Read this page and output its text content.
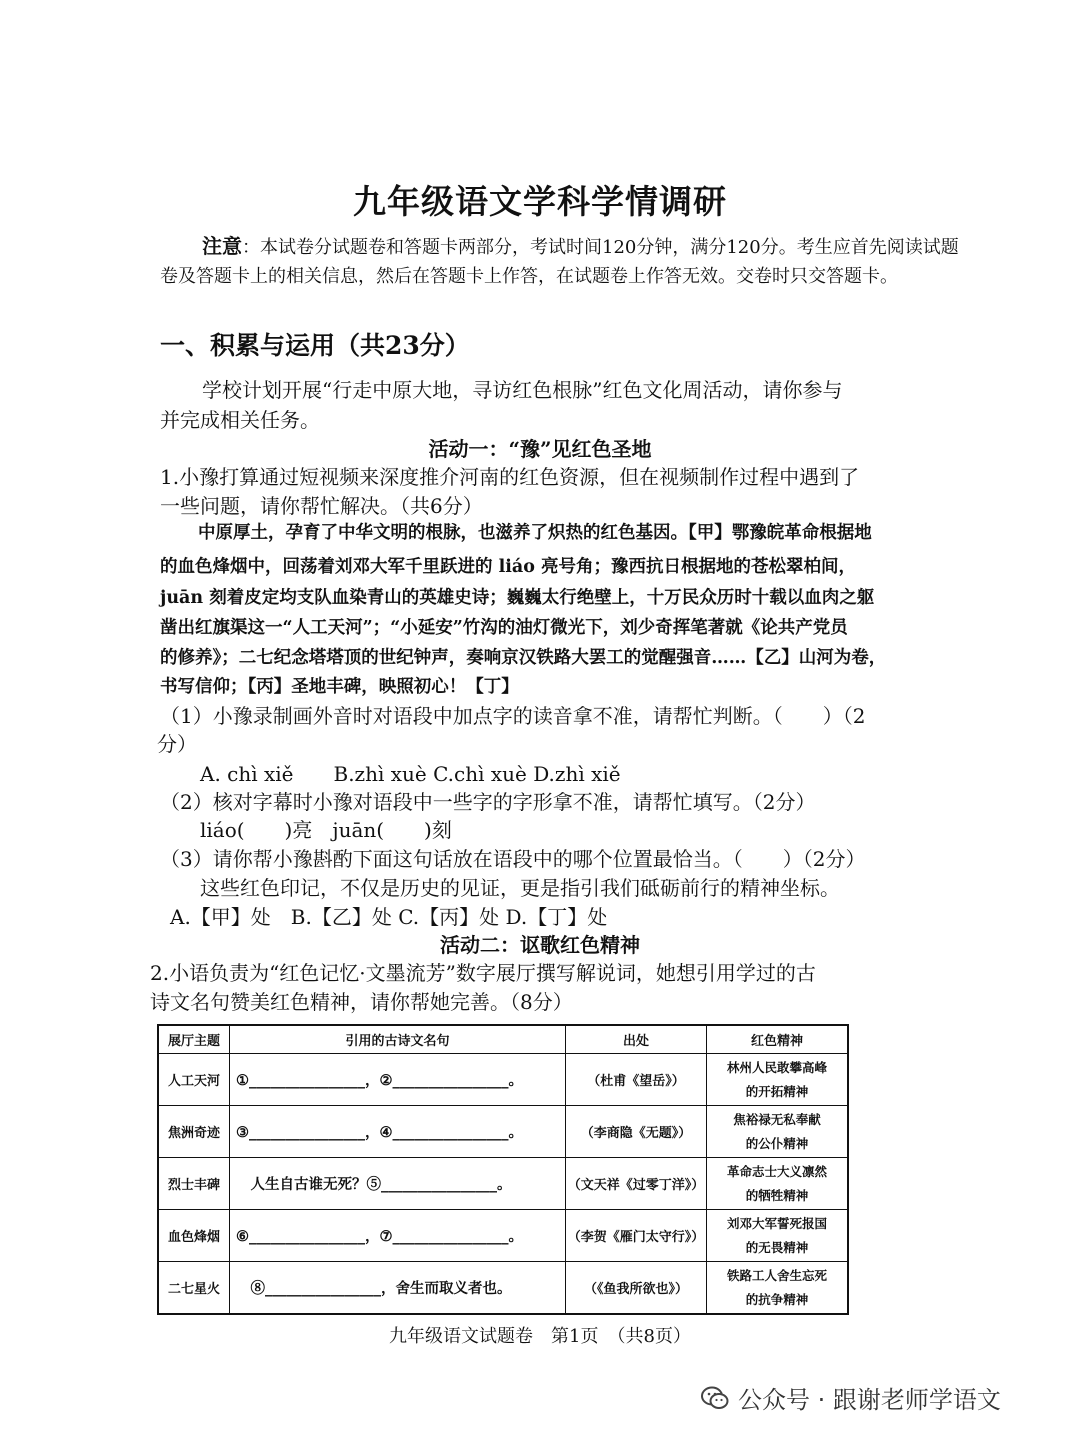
九年级语文学科学情调研
注意：本试卷分试题卷和答题卡两部分，考试时间120分钟，满分120分。考生应首先阅读试题卷及答题卡上的相关信息，然后在答题卡上作答，在试题卷上作答无效。交卷时只交答题卡。
一、积累与运用（共23分）
学校计划开展“行走中原大地，寻访红色根脉”红色文化周活动，请你参与
并完成相关任务。
活动一：“豫”见红色圣地
1.小豫打算通过短视频来深度推介河南的红色资源，但在视频制作过程中遇到了
一些问题，请你帮忙解决。（共6分）
中原厚土，孕育了中华文明的根脉，也滋养了炽热的红色基因。【甲】鄂豫皖革命根据地
的血色烽烟中，回荡着刘邓大军千里跃进的 liáo 亮号角；豫西抗日根据地的苍松翠柏间，
juān 刻着皮定均支队血染青山的英雄史诗；巍巍太行绝壁上，十万民众历时十载以血肉之躯
凿出红旗渠这一“人工天河”；“小延安”竹沟的油灯微光下，刘少奇挥笔著就《论共产党员
的修养》；二七纪念塔塔顶的世纪钟声，奏响京汉铁路大罢工的觉醒强音……【乙】山河为卷，
书写信仰；【丙】圣地丰碑，映照初心！【丁】
（1）小豫录制画外音时对语段中加点字的读音拿不准，请帮忙判断。（　　）（2
分）
A. chì xiě　　B.zhì xuè C.chì xuè D.zhì xiě
（2）核对字幕时小豫对语段中一些字的字形拿不准，请帮忙填写。（2分）
liáo(　　)亮　juān(　　)刻
（3）请你帮小豫斟酌下面这句话放在语段中的哪个位置最恰当。（　　）（2分）
这些红色印记，不仅是历史的见证，更是指引我们砥砺前行的精神坐标。
A.【甲】处　B.【乙】处 C.【丙】处 D.【丁】处
活动二：讴歌红色精神
2.小语负责为“红色记忆·文墨流芳”数字展厅撰写解说词，她想引用学过的古
诗文名句赞美红色精神，请你帮她完善。（8分）
展厅主题	引用的古诗文名句	出处	红色精神
人工天河	①________________，②________________。	（杜甫《望岳》）	林州人民敢攀高峰
的开拓精神

焦洲奇迹	③________________，④________________。	（李商隐《无题》）	焦裕禄无私奉献
的公仆精神

烈士丰碑	　人生自古谁无死？⑤________________。	（文天祥《过零丁洋》）	革命志士大义凛然
的牺牲精神

血色烽烟	⑥________________，⑦________________。	（李贺《雁门太守行》）	刘邓大军誓死报国
的无畏精神

二七星火	　⑧________________，舍生而取义者也。	（《鱼我所欲也》）	铁路工人舍生忘死
的抗争精神
九年级语文试题卷　第1页　（共8页）
公众号 · 跟谢老师学语文
